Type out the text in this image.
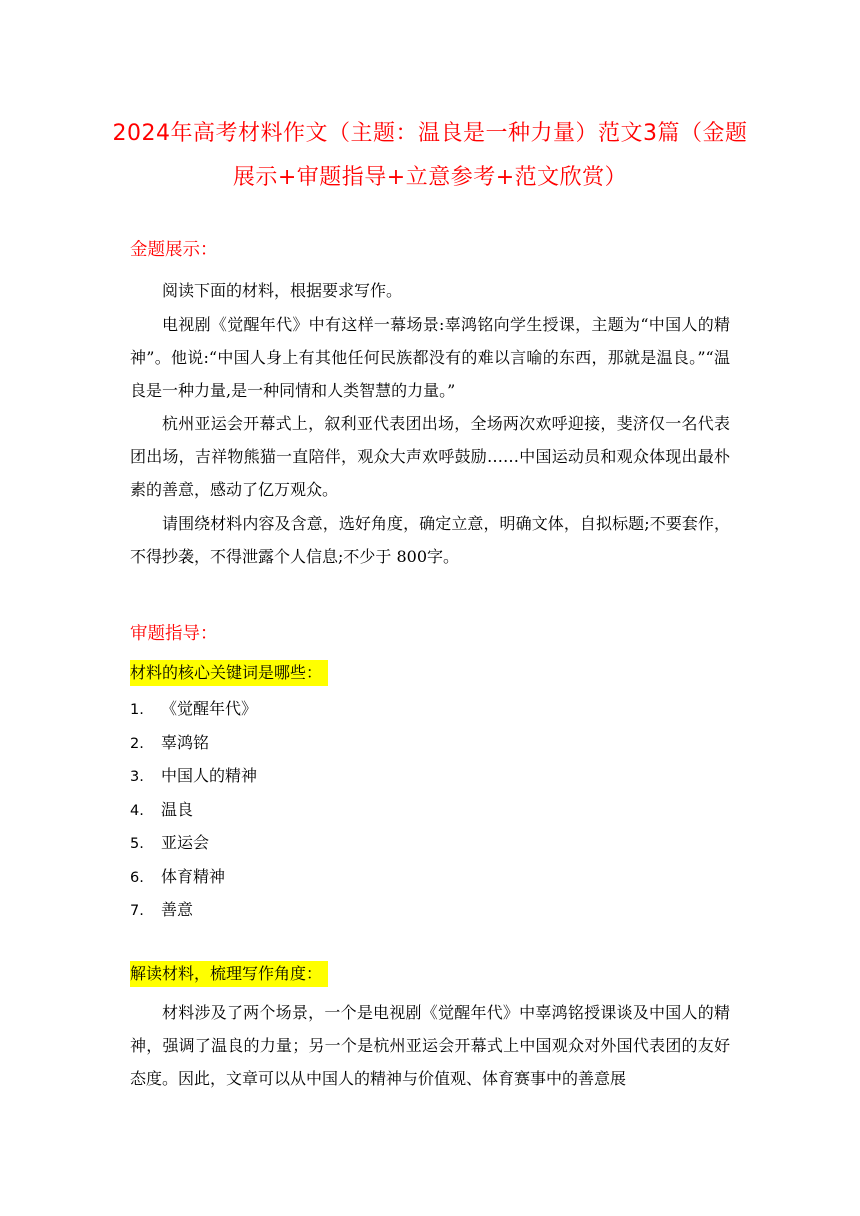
2024年高考材料作文（主题：温良是一种力量）范文3篇（金题展示+审题指导+立意参考+范文欣赏）
金题展示：
阅读下面的材料，根据要求写作。
电视剧《觉醒年代》中有这样一幕场景:辜鸿铭向学生授课，主题为“中国人的精神”。他说:“中国人身上有其他任何民族都没有的难以言喻的东西，那就是温良。”“温良是一种力量,是一种同情和人类智慧的力量。”
杭州亚运会开幕式上，叙利亚代表团出场，全场两次欢呼迎接，斐济仅一名代表团出场，吉祥物熊猫一直陪伴，观众大声欢呼鼓励……中国运动员和观众体现出最朴素的善意，感动了亿万观众。
请围绕材料内容及含意，选好角度，确定立意，明确文体，自拟标题;不要套作，不得抄袭，不得泄露个人信息;不少于 800字。
审题指导：
材料的核心关键词是哪些：
1. 《觉醒年代》
2. 辜鸿铭
3. 中国人的精神
4. 温良
5. 亚运会
6. 体育精神
7. 善意
解读材料，梳理写作角度：
材料涉及了两个场景，一个是电视剧《觉醒年代》中辜鸿铭授课谈及中国人的精神，强调了温良的力量；另一个是杭州亚运会开幕式上中国观众对外国代表团的友好态度。因此，文章可以从中国人的精神与价值观、体育赛事中的善意展
